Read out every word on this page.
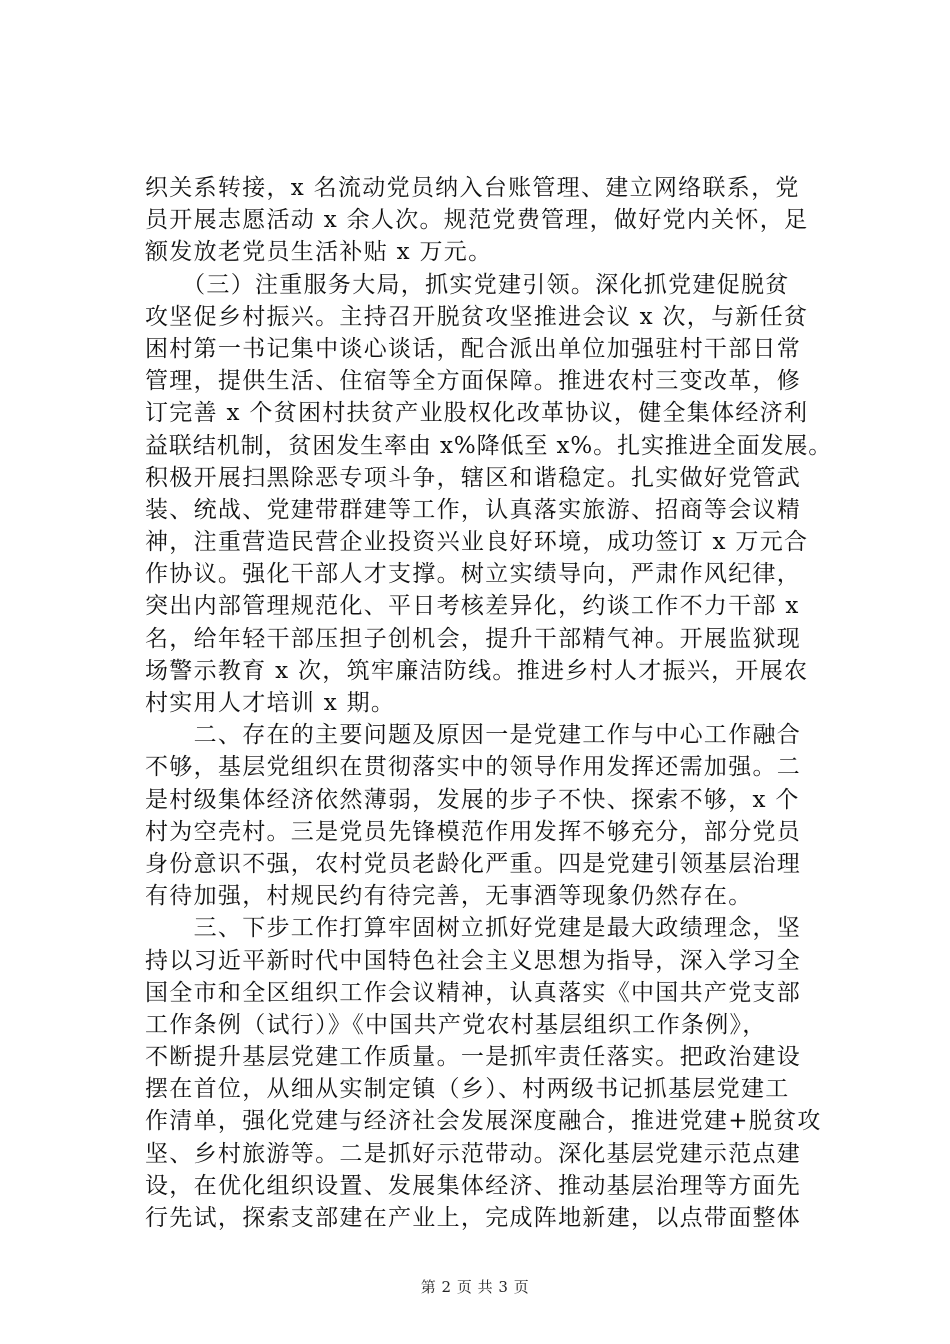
织关系转接，x 名流动党员纳入台账管理、建立网络联系，党
员开展志愿活动 x 余人次。规范党费管理，做好党内关怀，足
额发放老党员生活补贴 x 万元。
　　（三）注重服务大局，抓实党建引领。深化抓党建促脱贫
攻坚促乡村振兴。主持召开脱贫攻坚推进会议 x 次，与新任贫
困村第一书记集中谈心谈话，配合派出单位加强驻村干部日常
管理，提供生活、住宿等全方面保障。推进农村三变改革，修
订完善 x 个贫困村扶贫产业股权化改革协议，健全集体经济利
益联结机制，贫困发生率由 x%降低至 x%。扎实推进全面发展。
积极开展扫黑除恶专项斗争，辖区和谐稳定。扎实做好党管武
装、统战、党建带群建等工作，认真落实旅游、招商等会议精
神，注重营造民营企业投资兴业良好环境，成功签订 x 万元合
作协议。强化干部人才支撑。树立实绩导向，严肃作风纪律，
突出内部管理规范化、平日考核差异化，约谈工作不力干部 x
名，给年轻干部压担子创机会，提升干部精气神。开展监狱现
场警示教育 x 次，筑牢廉洁防线。推进乡村人才振兴，开展农
村实用人才培训 x 期。
　　二、存在的主要问题及原因一是党建工作与中心工作融合
不够，基层党组织在贯彻落实中的领导作用发挥还需加强。二
是村级集体经济依然薄弱，发展的步子不快、探索不够，x 个
村为空壳村。三是党员先锋模范作用发挥不够充分，部分党员
身份意识不强，农村党员老龄化严重。四是党建引领基层治理
有待加强，村规民约有待完善，无事酒等现象仍然存在。
　　三、下步工作打算牢固树立抓好党建是最大政绩理念，坚
持以习近平新时代中国特色社会主义思想为指导，深入学习全
国全市和全区组织工作会议精神，认真落实《中国共产党支部
工作条例（试行）》《中国共产党农村基层组织工作条例》，
不断提升基层党建工作质量。一是抓牢责任落实。把政治建设
摆在首位，从细从实制定镇（乡）、村两级书记抓基层党建工
作清单，强化党建与经济社会发展深度融合，推进党建+脱贫攻
坚、乡村旅游等。二是抓好示范带动。深化基层党建示范点建
设，在优化组织设置、发展集体经济、推动基层治理等方面先
行先试，探索支部建在产业上，完成阵地新建，以点带面整体
第 2 页 共 3 页
